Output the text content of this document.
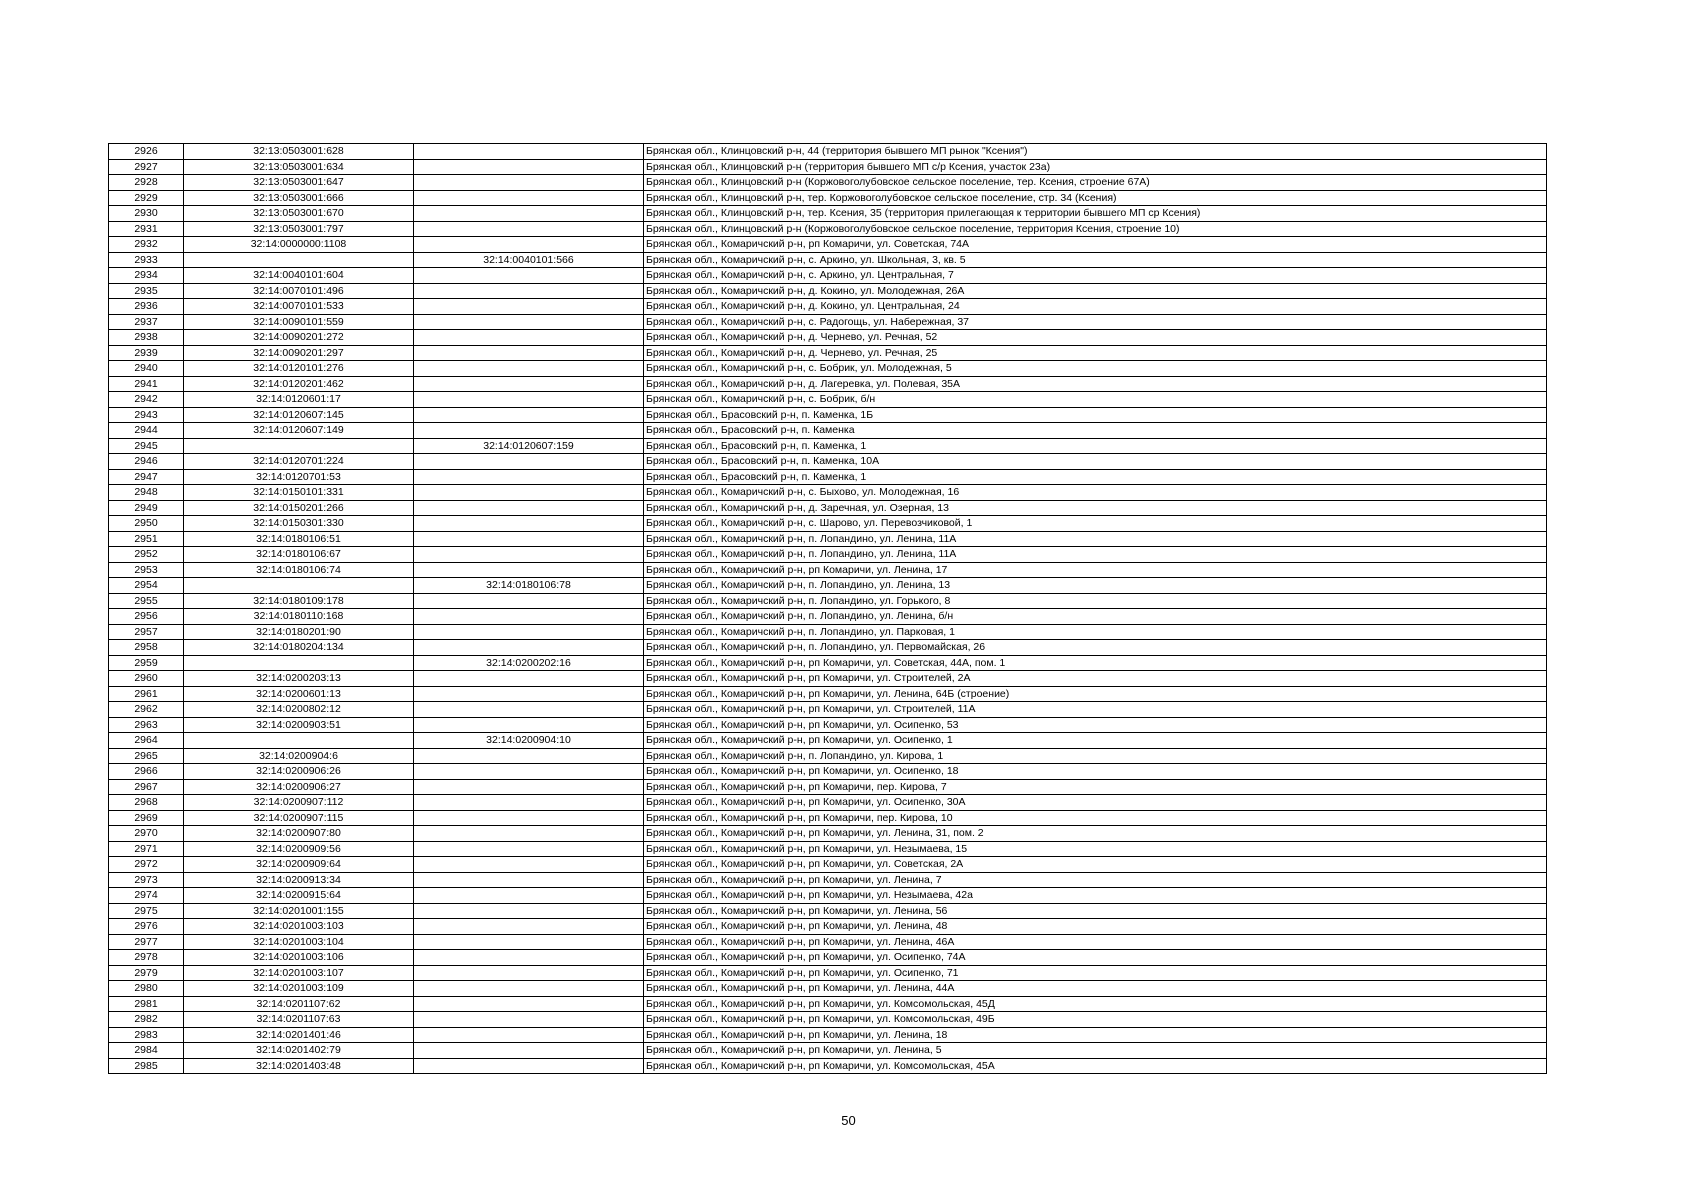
2926	32:13:0503001:628		Брянская обл., Клинцовский р-н, 44 (территория бывшего МП рынок "Ксения")
2927	32:13:0503001:634		Брянская обл., Клинцовский р-н (территория бывшего МП с/р Ксения, участок 23а)
2928	32:13:0503001:647		Брянская обл., Клинцовский р-н (Коржовоголубовское сельское поселение, тер. Ксения, строение 67А)
2929	32:13:0503001:666		Брянская обл., Клинцовский р-н, тер. Коржовоголубовское сельское поселение, стр. 34 (Ксения)
2930	32:13:0503001:670		Брянская обл., Клинцовский р-н, тер. Ксения, 35 (территория прилегающая к территории бывшего МП ср Ксения)
2931	32:13:0503001:797		Брянская обл., Клинцовский р-н (Коржовоголубовское сельское поселение, территория Ксения, строение 10)
2932	32:14:0000000:1108		Брянская обл., Комаричский р-н, рп Комаричи, ул. Советская, 74А
2933		32:14:0040101:566	Брянская обл., Комаричский р-н, с. Аркино, ул. Школьная, 3, кв. 5
2934	32:14:0040101:604		Брянская обл., Комаричский р-н, с. Аркино, ул. Центральная, 7
2935	32:14:0070101:496		Брянская обл., Комаричский р-н, д. Кокино, ул. Молодежная, 26А
2936	32:14:0070101:533		Брянская обл., Комаричский р-н, д. Кокино, ул. Центральная, 24
2937	32:14:0090101:559		Брянская обл., Комаричский р-н, с. Радогощь, ул. Набережная, 37
2938	32:14:0090201:272		Брянская обл., Комаричский р-н, д. Чернево, ул. Речная, 52
2939	32:14:0090201:297		Брянская обл., Комаричский р-н, д. Чернево, ул. Речная, 25
2940	32:14:0120101:276		Брянская обл., Комаричский р-н, с. Бобрик, ул. Молодежная, 5
2941	32:14:0120201:462		Брянская обл., Комаричский р-н, д. Лагеревка, ул. Полевая, 35А
2942	32:14:0120601:17		Брянская обл., Комаричский р-н, с. Бобрик, б/н
2943	32:14:0120607:145		Брянская обл., Брасовский р-н, п. Каменка, 1Б
2944	32:14:0120607:149		Брянская обл., Брасовский р-н, п. Каменка
2945		32:14:0120607:159	Брянская обл., Брасовский р-н, п. Каменка, 1
2946	32:14:0120701:224		Брянская обл., Брасовский р-н, п. Каменка, 10А
2947	32:14:0120701:53		Брянская обл., Брасовский р-н, п. Каменка, 1
2948	32:14:0150101:331		Брянская обл., Комаричский р-н, с. Быхово, ул. Молодежная, 16
2949	32:14:0150201:266		Брянская обл., Комаричский р-н, д. Заречная, ул. Озерная, 13
2950	32:14:0150301:330		Брянская обл., Комаричский р-н, с. Шарово, ул. Перевозчиковой, 1
2951	32:14:0180106:51		Брянская обл., Комаричский р-н, п. Лопандино, ул. Ленина, 11А
2952	32:14:0180106:67		Брянская обл., Комаричский р-н, п. Лопандино, ул. Ленина, 11А
2953	32:14:0180106:74		Брянская обл., Комаричский р-н, рп Комаричи, ул. Ленина, 17
2954		32:14:0180106:78	Брянская обл., Комаричский р-н, п. Лопандино, ул. Ленина, 13
2955	32:14:0180109:178		Брянская обл., Комаричский р-н, п. Лопандино, ул. Горького, 8
2956	32:14:0180110:168		Брянская обл., Комаричский р-н, п. Лопандино, ул. Ленина, б/н
2957	32:14:0180201:90		Брянская обл., Комаричский р-н, п. Лопандино, ул. Парковая, 1
2958	32:14:0180204:134		Брянская обл., Комаричский р-н, п. Лопандино, ул. Первомайская, 26
2959		32:14:0200202:16	Брянская обл., Комаричский р-н, рп Комаричи, ул. Советская, 44А, пом. 1
2960	32:14:0200203:13		Брянская обл., Комаричский р-н, рп Комаричи, ул. Строителей, 2А
2961	32:14:0200601:13		Брянская обл., Комаричский р-н, рп Комаричи, ул. Ленина, 64Б (строение)
2962	32:14:0200802:12		Брянская обл., Комаричский р-н, рп Комаричи, ул. Строителей, 11А
2963	32:14:0200903:51		Брянская обл., Комаричский р-н, рп Комаричи, ул. Осипенко, 53
2964		32:14:0200904:10	Брянская обл., Комаричский р-н, рп Комаричи, ул. Осипенко, 1
2965	32:14:0200904:6		Брянская обл., Комаричский р-н, п. Лопандино, ул. Кирова, 1
2966	32:14:0200906:26		Брянская обл., Комаричский р-н, рп Комаричи, ул. Осипенко, 18
2967	32:14:0200906:27		Брянская обл., Комаричский р-н, рп Комаричи, пер. Кирова, 7
2968	32:14:0200907:112		Брянская обл., Комаричский р-н, рп Комаричи, ул. Осипенко, 30А
2969	32:14:0200907:115		Брянская обл., Комаричский р-н, рп Комаричи, пер. Кирова, 10
2970	32:14:0200907:80		Брянская обл., Комаричский р-н, рп Комаричи, ул. Ленина, 31, пом. 2
2971	32:14:0200909:56		Брянская обл., Комаричский р-н, рп Комаричи, ул. Незымаева, 15
2972	32:14:0200909:64		Брянская обл., Комаричский р-н, рп Комаричи, ул. Советская, 2А
2973	32:14:0200913:34		Брянская обл., Комаричский р-н, рп Комаричи, ул. Ленина, 7
2974	32:14:0200915:64		Брянская обл., Комаричский р-н, рп Комаричи, ул. Незымаева, 42а
2975	32:14:0201001:155		Брянская обл., Комаричский р-н, рп Комаричи, ул. Ленина, 56
2976	32:14:0201003:103		Брянская обл., Комаричский р-н, рп Комаричи, ул. Ленина, 48
2977	32:14:0201003:104		Брянская обл., Комаричский р-н, рп Комаричи, ул. Ленина, 46А
2978	32:14:0201003:106		Брянская обл., Комаричский р-н, рп Комаричи, ул. Осипенко, 74А
2979	32:14:0201003:107		Брянская обл., Комаричский р-н, рп Комаричи, ул. Осипенко, 71
2980	32:14:0201003:109		Брянская обл., Комаричский р-н, рп Комаричи, ул. Ленина, 44А
2981	32:14:0201107:62		Брянская обл., Комаричский р-н, рп Комаричи, ул. Комсомольская, 45Д
2982	32:14:0201107:63		Брянская обл., Комаричский р-н, рп Комаричи, ул. Комсомольская, 49Б
2983	32:14:0201401:46		Брянская обл., Комаричский р-н, рп Комаричи, ул. Ленина, 18
2984	32:14:0201402:79		Брянская обл., Комаричский р-н, рп Комаричи, ул. Ленина, 5
2985	32:14:0201403:48		Брянская обл., Комаричский р-н, рп Комаричи, ул. Комсомольская, 45А
50
